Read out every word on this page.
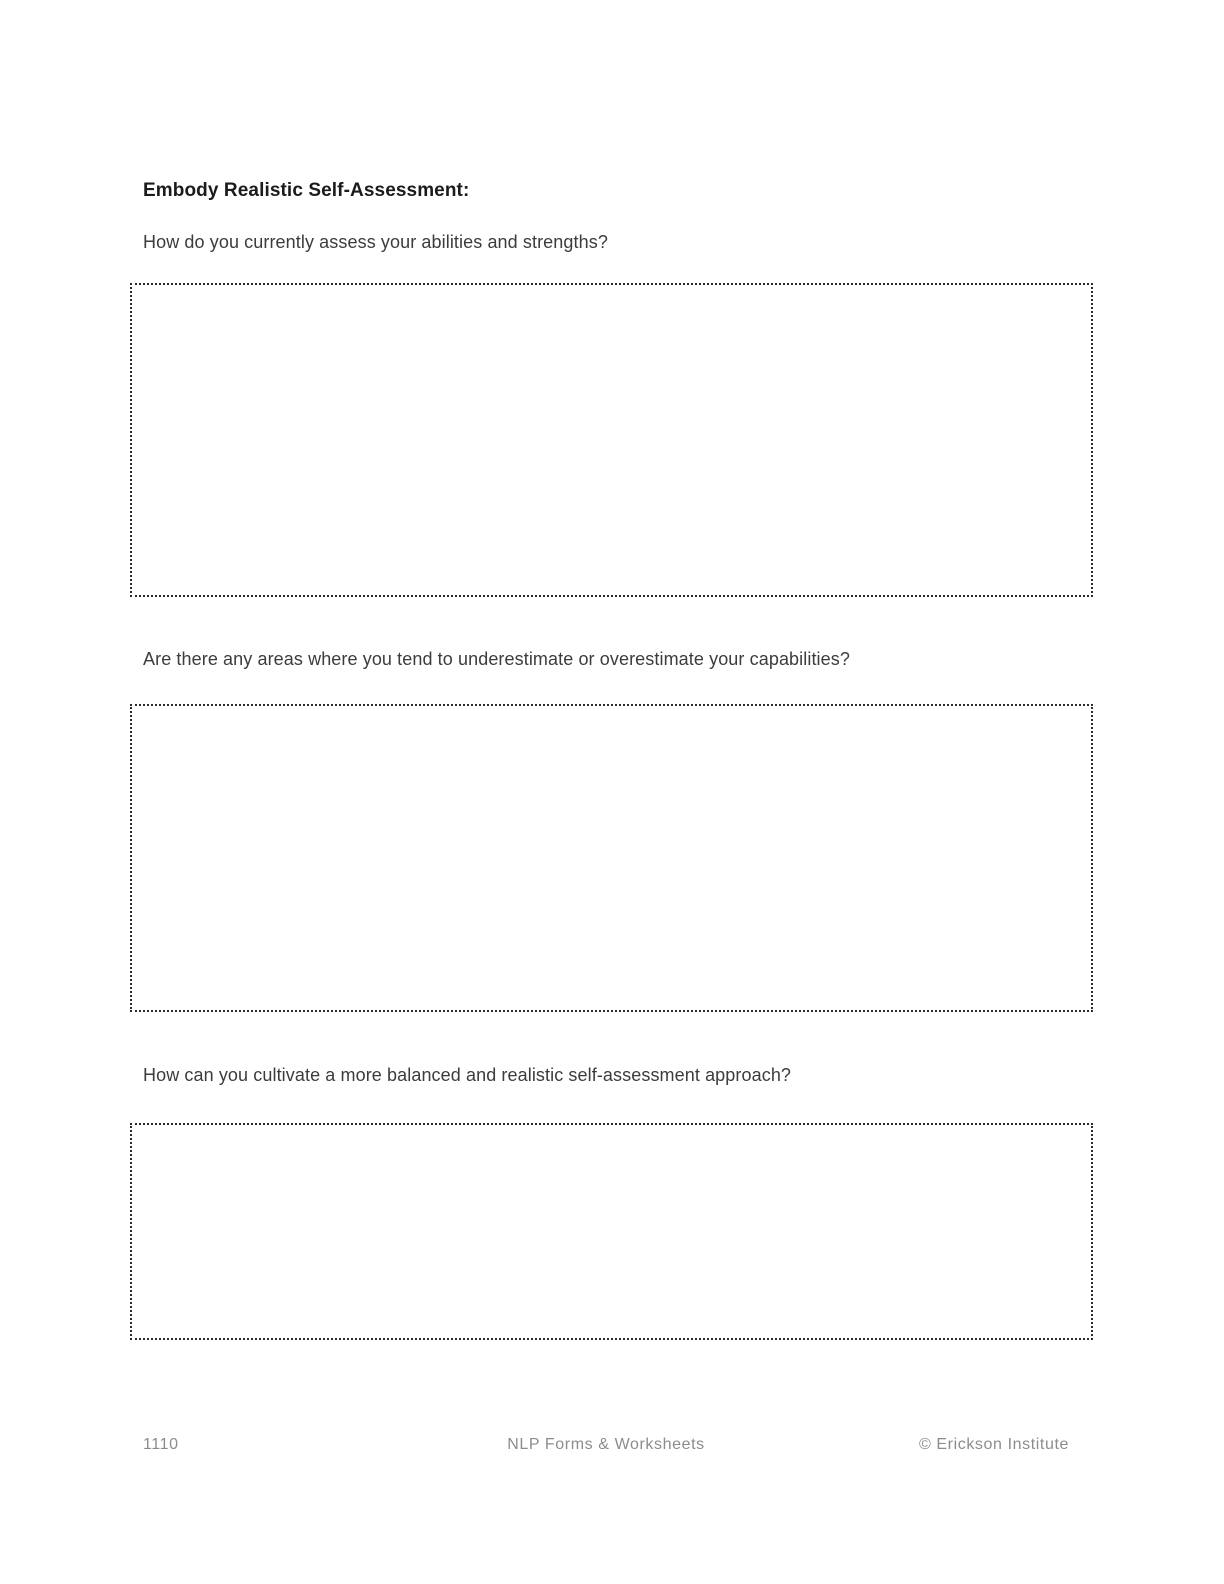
Embody Realistic Self-Assessment:
How do you currently assess your abilities and strengths?
Are there any areas where you tend to underestimate or overestimate your capabilities?
How can you cultivate a more balanced and realistic self-assessment approach?
1110	NLP Forms & Worksheets	© Erickson Institute
